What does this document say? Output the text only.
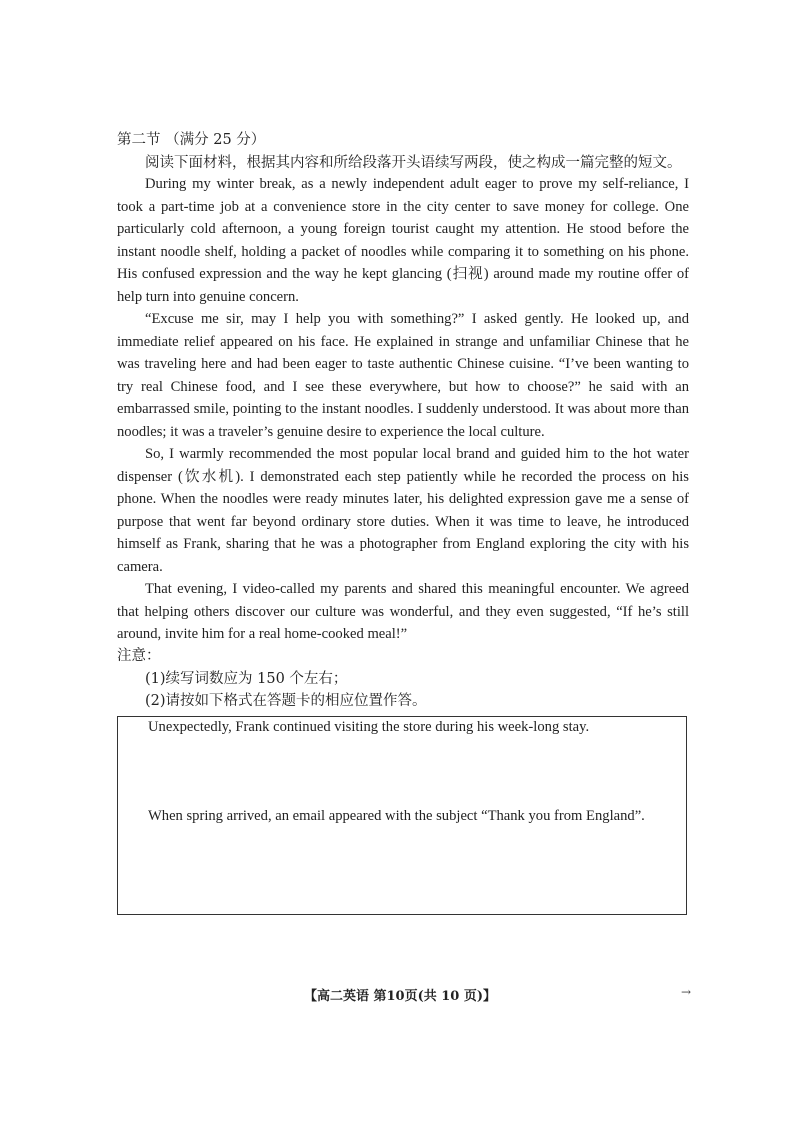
第二节 （满分 25 分）
阅读下面材料，根据其内容和所给段落开头语续写两段，使之构成一篇完整的短文。

During my winter break, as a newly independent adult eager to prove my self-reliance, I took a part-time job at a convenience store in the city center to save money for college. One particularly cold afternoon, a young foreign tourist caught my attention. He stood before the instant noodle shelf, holding a packet of noodles while comparing it to something on his phone. His confused expression and the way he kept glancing (扫视) around made my routine offer of help turn into genuine concern.

“Excuse me sir, may I help you with something?” I asked gently. He looked up, and immediate relief appeared on his face. He explained in strange and unfamiliar Chinese that he was traveling here and had been eager to taste authentic Chinese cuisine. “I’ve been wanting to try real Chinese food, and I see these everywhere, but how to choose?” he said with an embarrassed smile, pointing to the instant noodles. I suddenly understood. It was about more than noodles; it was a traveler’s genuine desire to experience the local culture.

So, I warmly recommended the most popular local brand and guided him to the hot water dispenser (饮水机). I demonstrated each step patiently while he recorded the process on his phone. When the noodles were ready minutes later, his delighted expression gave me a sense of purpose that went far beyond ordinary store duties. When it was time to leave, he introduced himself as Frank, sharing that he was a photographer from England exploring the city with his camera.

That evening, I video-called my parents and shared this meaningful encounter. We agreed that helping others discover our culture was wonderful, and they even suggested, “If he’s still around, invite him for a real home-cooked meal!”

注意：
(1)续写词数应为 150 个左右；
(2)请按如下格式在答题卡的相应位置作答。
Unexpectedly, Frank continued visiting the store during his week-long stay.
When spring arrived, an email appeared with the subject “Thank you from England”.
【高二英语 第10页(共 10 页)】	→
